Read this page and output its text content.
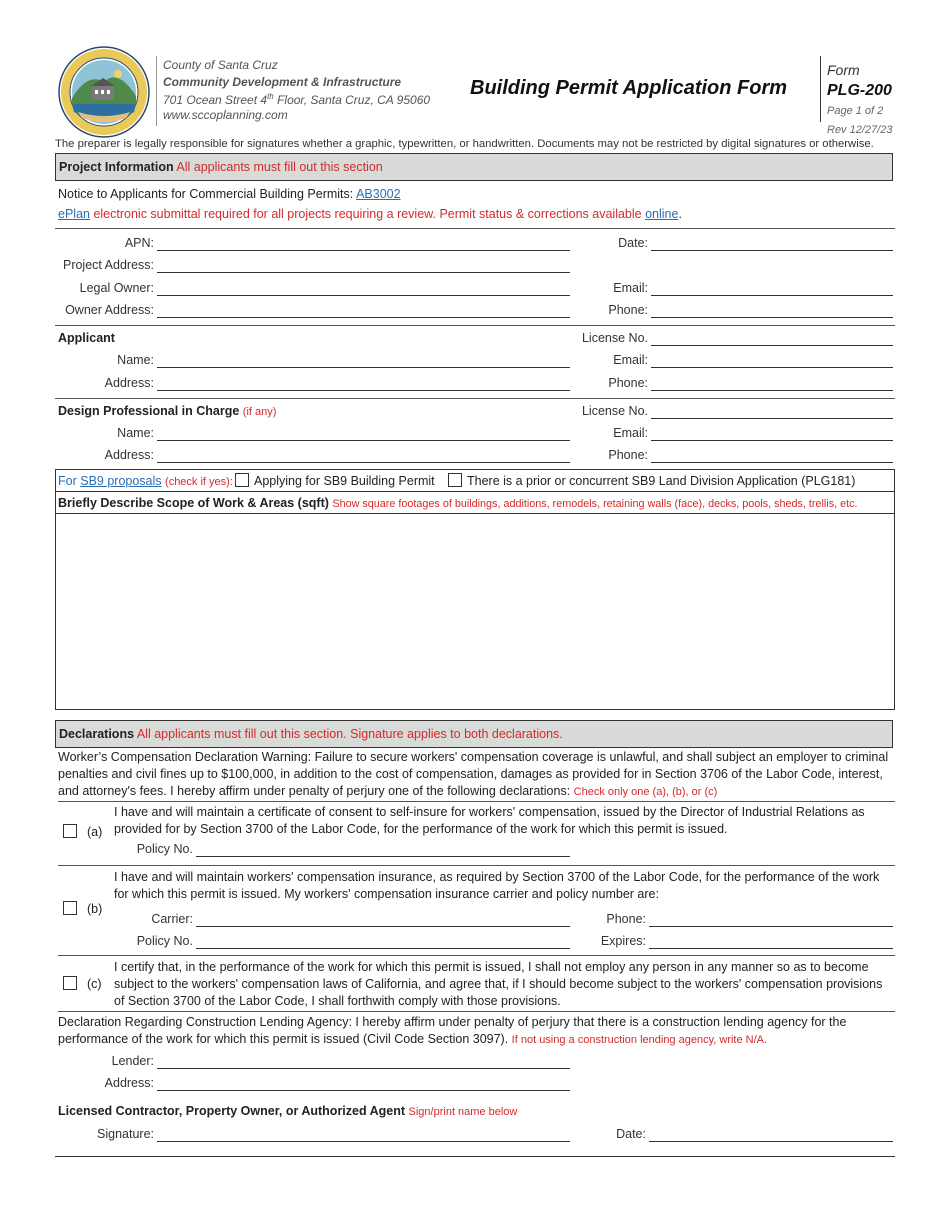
County of Santa Cruz
Community Development & Infrastructure
701 Ocean Street 4th Floor, Santa Cruz, CA 95060
www.sccoplanning.com
Building Permit Application Form
Form
PLG-200
Page 1 of 2
Rev 12/27/23
The preparer is legally responsible for signatures whether a graphic, typewritten, or handwritten. Documents may not be restricted by digital signatures or otherwise.
Project Information All applicants must fill out this section
Notice to Applicants for Commercial Building Permits: AB3002
ePlan electronic submittal required for all projects requiring a review. Permit status & corrections available online.
APN:	Date:
Project Address:
Legal Owner:	Email:
Owner Address:	Phone:
Applicant	License No.
Name:	Email:
Address:	Phone:
Design Professional in Charge (if any)	License No.
Name:	Email:
Address:	Phone:
For SB9 proposals (check if yes): Applying for SB9 Building Permit	There is a prior or concurrent SB9 Land Division Application (PLG181)
Briefly Describe Scope of Work & Areas (sqft) Show square footages of buildings, additions, remodels, retaining walls (face), decks, pools, sheds, trellis, etc.
Declarations All applicants must fill out this section. Signature applies to both declarations.
Worker’s Compensation Declaration Warning: Failure to secure workers' compensation coverage is unlawful, and shall subject an employer to criminal penalties and civil fines up to $100,000, in addition to the cost of compensation, damages as provided for in Section 3706 of the Labor Code, interest, and attorney's fees. I hereby affirm under penalty of perjury one of the following declarations: Check only one (a), (b), or (c)
(a)
I have and will maintain a certificate of consent to self-insure for workers' compensation, issued by the Director of Industrial Relations as provided for by Section 3700 of the Labor Code, for the performance of the work for which this permit is issued.
Policy No.
(b)
I have and will maintain workers' compensation insurance, as required by Section 3700 of the Labor Code, for the performance of the work for which this permit is issued. My workers' compensation insurance carrier and policy number are:
Carrier:	Phone:
Policy No.	Expires:
(c)
I certify that, in the performance of the work for which this permit is issued, I shall not employ any person in any manner so as to become subject to the workers' compensation laws of California, and agree that, if I should become subject to the workers' compensation provisions of Section 3700 of the Labor Code, I shall forthwith comply with those provisions.
Declaration Regarding Construction Lending Agency: I hereby affirm under penalty of perjury that there is a construction lending agency for the performance of the work for which this permit is issued (Civil Code Section 3097). If not using a construction lending agency, write N/A.
Lender:
Address:
Licensed Contractor, Property Owner, or Authorized Agent Sign/print name below
Signature:	Date:
